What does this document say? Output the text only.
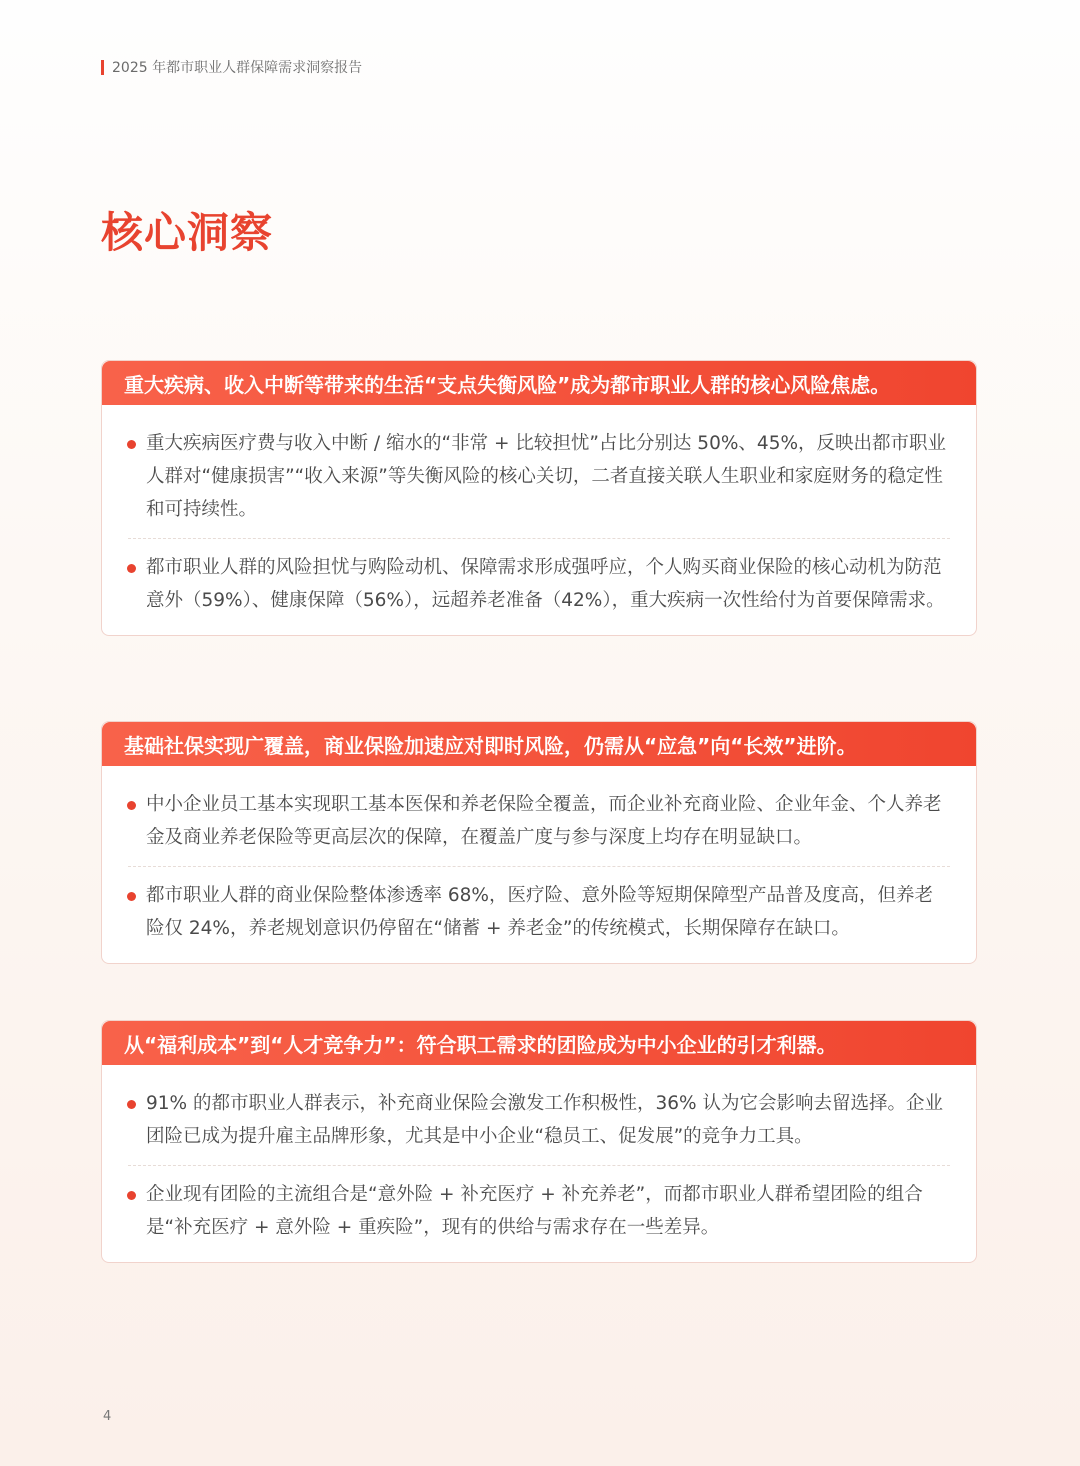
2025 年都市职业人群保障需求洞察报告
核心洞察
重大疾病、收入中断等带来的生活“支点失衡风险”成为都市职业人群的核心风险焦虑。
重大疾病医疗费与收入中断 / 缩水的“非常 + 比较担忧”占比分别达 50%、45%，反映出都市职业人群对“健康损害”“收入来源”等失衡风险的核心关切，二者直接关联人生职业和家庭财务的稳定性和可持续性。
都市职业人群的风险担忧与购险动机、保障需求形成强呼应，个人购买商业保险的核心动机为防范意外（59%）、健康保障（56%），远超养老准备（42%），重大疾病一次性给付为首要保障需求。
基础社保实现广覆盖，商业保险加速应对即时风险，仍需从“应急”向“长效”进阶。
中小企业员工基本实现职工基本医保和养老保险全覆盖，而企业补充商业险、企业年金、个人养老金及商业养老保险等更高层次的保障，在覆盖广度与参与深度上均存在明显缺口。
都市职业人群的商业保险整体渗透率 68%，医疗险、意外险等短期保障型产品普及度高，但养老险仅 24%，养老规划意识仍停留在“储蓄 + 养老金”的传统模式，长期保障存在缺口。
从“福利成本”到“人才竞争力”：符合职工需求的团险成为中小企业的引才利器。
91% 的都市职业人群表示，补充商业保险会激发工作积极性，36% 认为它会影响去留选择。企业团险已成为提升雇主品牌形象，尤其是中小企业“稳员工、促发展”的竞争力工具。
企业现有团险的主流组合是“意外险 + 补充医疗 + 补充养老”，而都市职业人群希望团险的组合是“补充医疗 + 意外险 + 重疾险”，现有的供给与需求存在一些差异。
4
